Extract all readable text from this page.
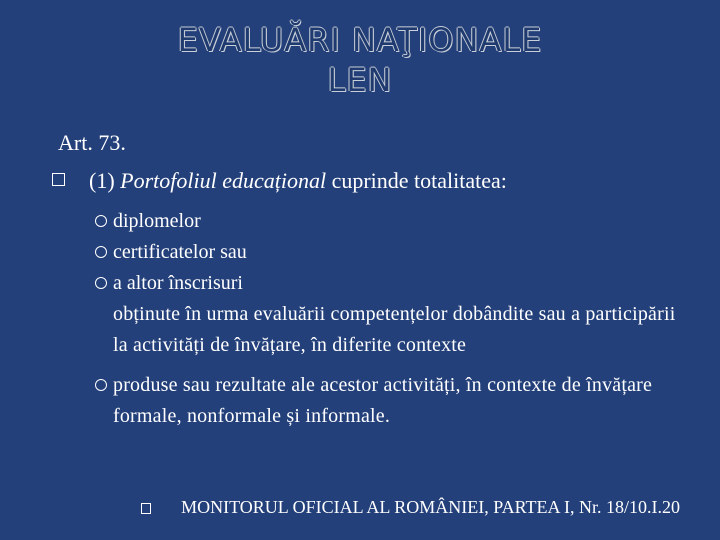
EVALUĂRI NAŢIONALE
LEN
Art. 73.
(1) Portofoliul educațional cuprinde totalitatea:
diplomelor
certificatelor sau
a altor înscrisuri
obținute în urma evaluării competențelor dobândite sau a participării la activități de învățare, în diferite contexte
produse sau rezultate ale acestor activități, în contexte de învățare formale, nonformale și informale.
MONITORUL OFICIAL AL ROMÂNIEI, PARTEA I, Nr. 18/10.I.20
